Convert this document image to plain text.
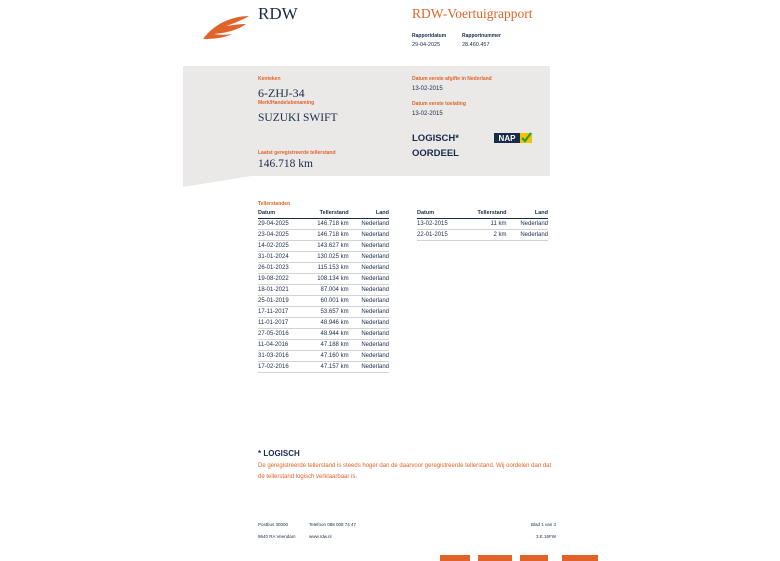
RDW	RDW-Voertuigrapport
Rapportdatum
29-04-2025
Rapportnummer
28.460.457
Kenteken
6-ZHJ-34
Merk/Handelsbenaming
SUZUKI SWIFT
Laatst geregistreerde tellerstand
146.718 km
Datum eerste afgifte in Nederland
13-02-2015
Datum eerste toelating
13-02-2015
LOGISCH*
OORDEEL
NAP
Tellerstanden
Datum	Tellerstand	Land
29-04-2025	146.718 km	Nederland
23-04-2025	146.718 km	Nederland
14-02-2025	143.627 km	Nederland
31-01-2024	130.025 km	Nederland
26-01-2023	115.153 km	Nederland
19-08-2022	108.134 km	Nederland
18-01-2021	87.004 km	Nederland
25-01-2019	60.001 km	Nederland
17-11-2017	53.657 km	Nederland
11-01-2017	48.946 km	Nederland
27-05-2016	48.944 km	Nederland
11-04-2016	47.188 km	Nederland
31-03-2016	47.160 km	Nederland
17-02-2016	47.157 km	Nederland
Datum	Tellerstand	Land
13-02-2015	11 km	Nederland
22-01-2015	2 km	Nederland
* LOGISCH
De geregistreerde tellerstand is steeds hoger dan de daarvoor geregistreerde tellerstand. Wij oordelen dan dat de tellerstand logisch verklaarbaar is.
Postbus 30000
9640 RA Veendam
Telefoon 088 008 74 47
www.rdw.nl
Blad 1 van 3
3.E.16FW
